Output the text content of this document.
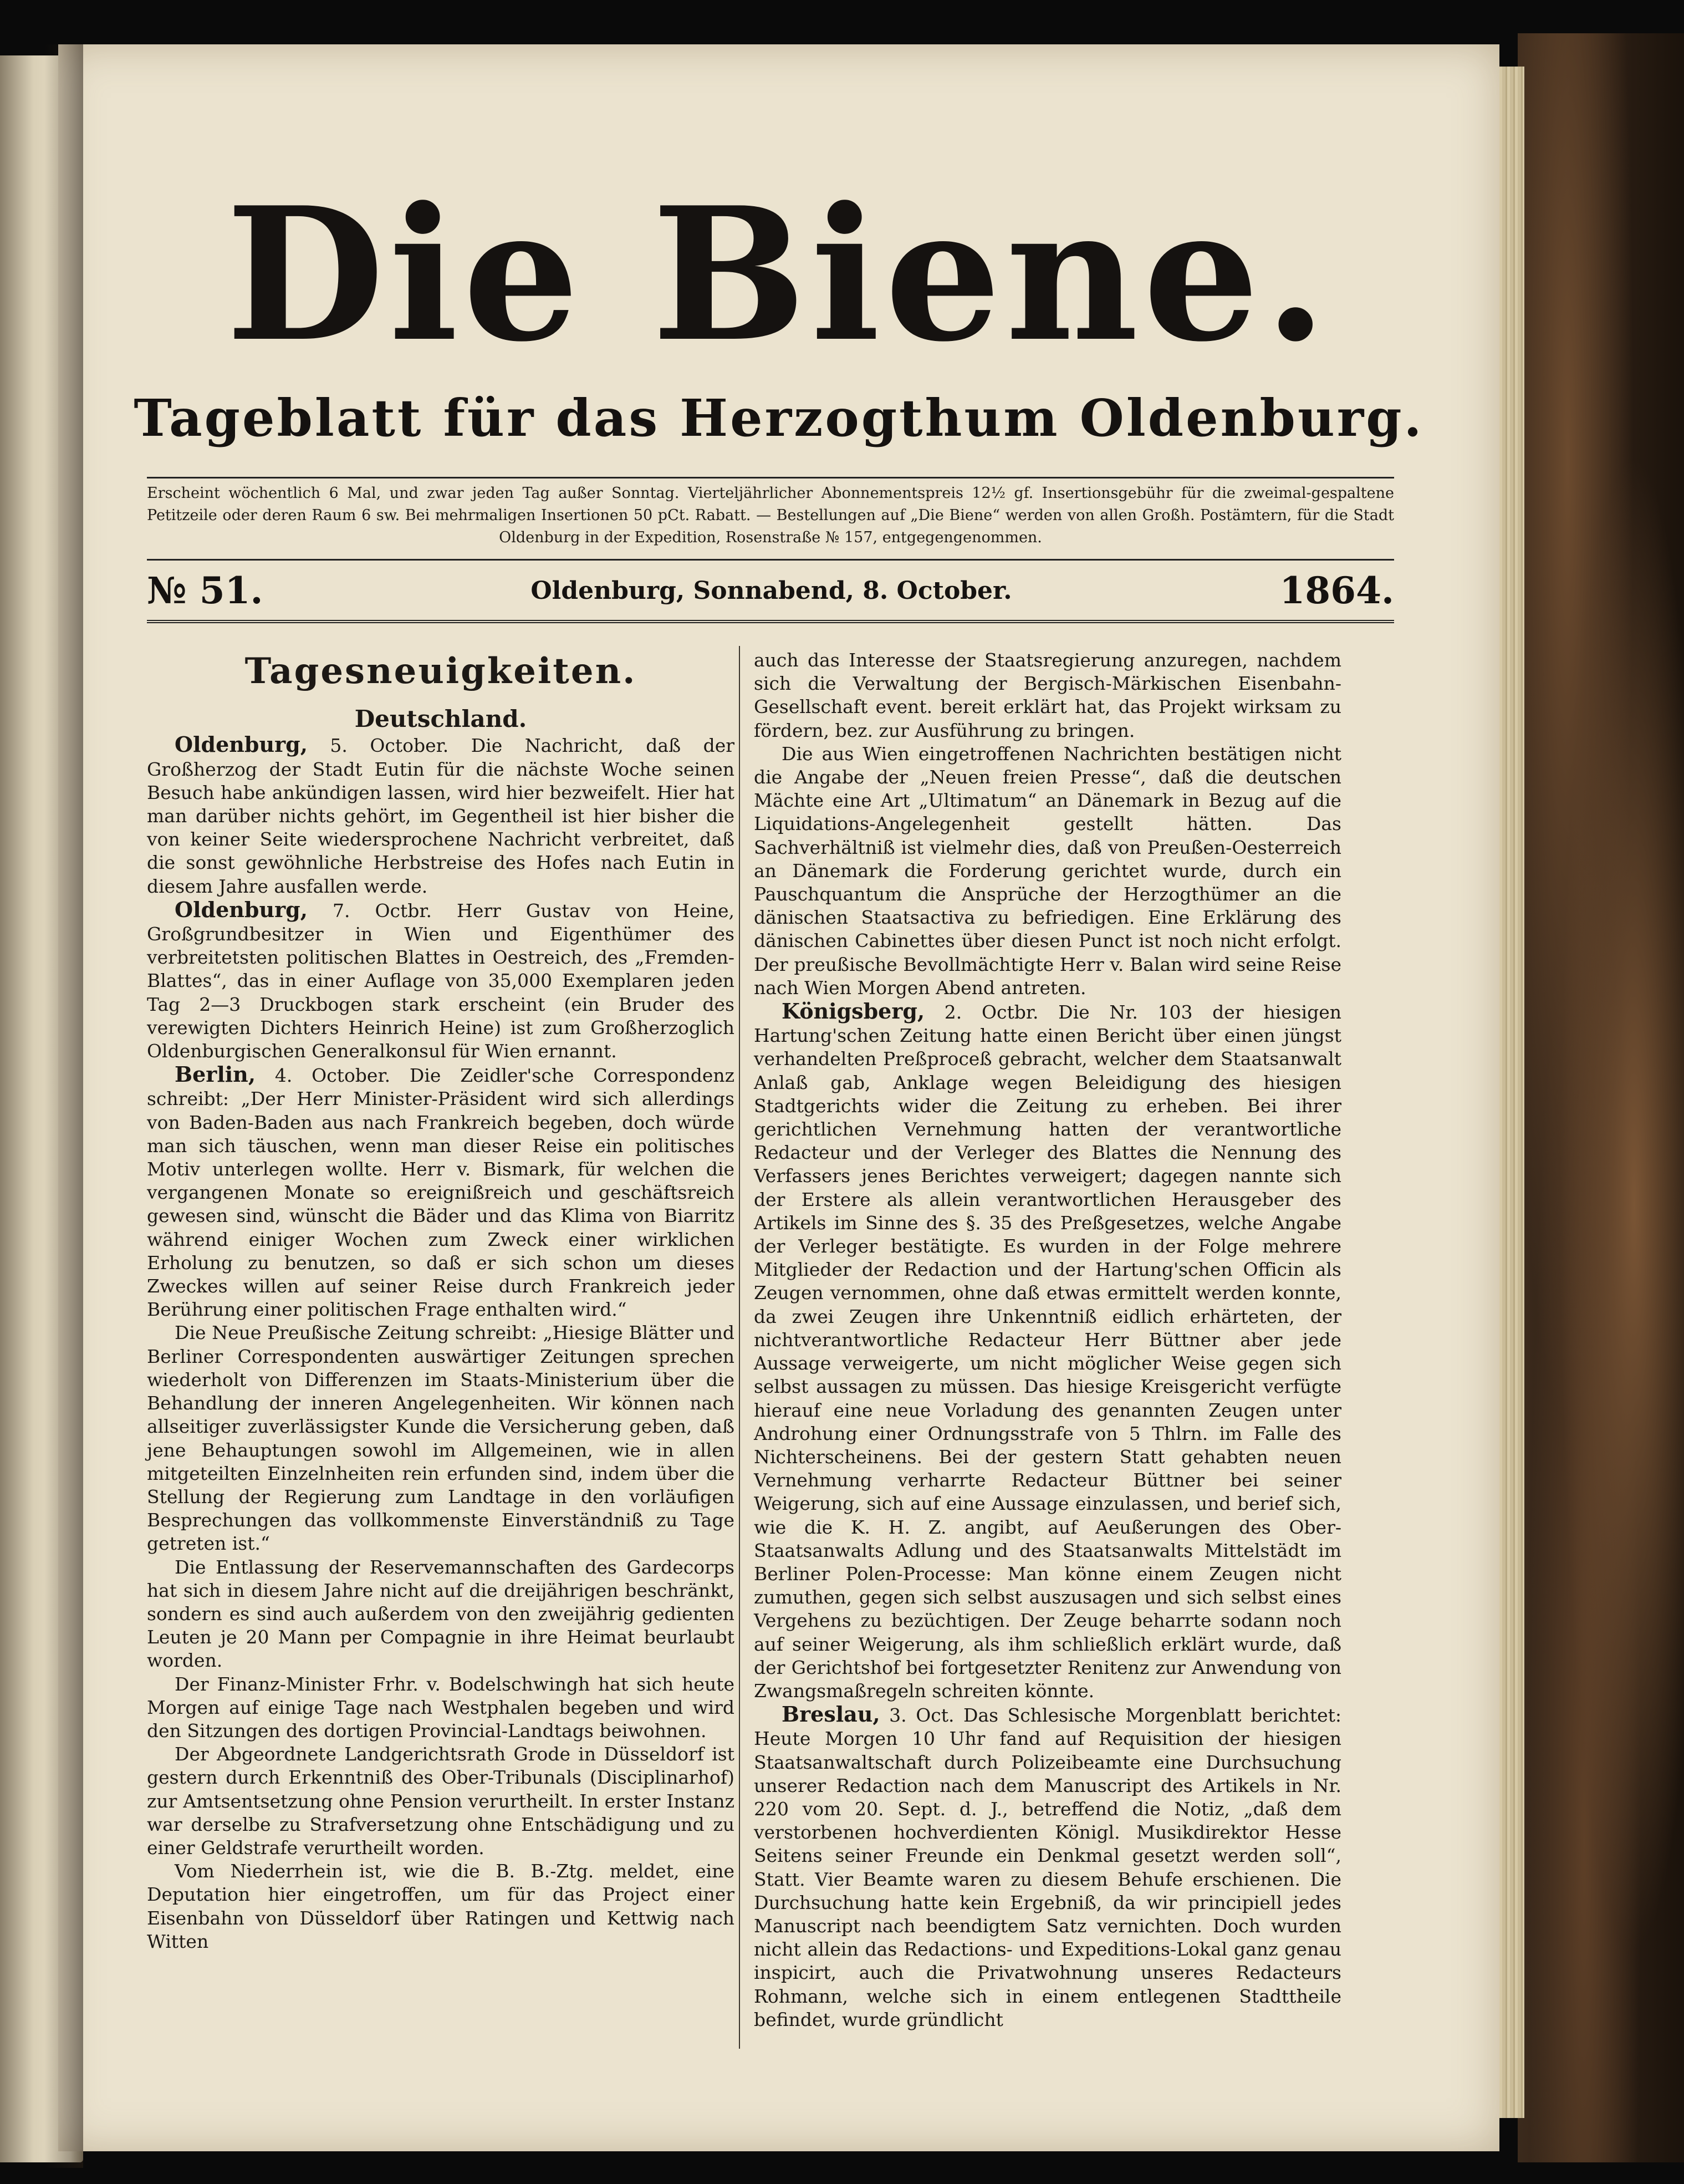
Die Biene.
Tageblatt für das Herzogthum Oldenburg.
Erscheint wöchentlich 6 Mal, und zwar jeden Tag außer Sonntag. Vierteljährlicher Abonnementspreis 12½ gf. Insertionsgebühr für die zweimal-gespaltene Petitzeile oder deren Raum 6 sw. Bei mehrmaligen Insertionen 50 pCt. Rabatt. — Bestellungen auf „Die Biene“ werden von allen Großh. Postämtern, für die Stadt Oldenburg in der Expedition, Rosenstraße № 157, entgegengenommen.
№ 51.	Oldenburg, Sonnabend, 8. October.	1864.
Tagesneuigkeiten.
Deutschland.

Oldenburg, 5. October. Die Nachricht, daß der Großherzog der Stadt Eutin für die nächste Woche seinen Besuch habe ankündigen lassen, wird hier bezweifelt. Hier hat man darüber nichts gehört, im Gegentheil ist hier bisher die von keiner Seite wiedersprochene Nachricht verbreitet, daß die sonst gewöhnliche Herbstreise des Hofes nach Eutin in diesem Jahre ausfallen werde.

Oldenburg, 7. Octbr. Herr Gustav von Heine, Großgrundbesitzer in Wien und Eigenthümer des verbreitetsten politischen Blattes in Oestreich, des „Fremden-Blattes“, das in einer Auflage von 35,000 Exemplaren jeden Tag 2—3 Druckbogen stark erscheint (ein Bruder des verewigten Dichters Heinrich Heine) ist zum Großherzoglich Oldenburgischen Generalkonsul für Wien ernannt.

Berlin, 4. October. Die Zeidler'sche Correspondenz schreibt: „Der Herr Minister-Präsident wird sich allerdings von Baden-Baden aus nach Frankreich begeben, doch würde man sich täuschen, wenn man dieser Reise ein politisches Motiv unterlegen wollte. Herr v. Bismark, für welchen die vergangenen Monate so ereignißreich und geschäftsreich gewesen sind, wünscht die Bäder und das Klima von Biarritz während einiger Wochen zum Zweck einer wirklichen Erholung zu benutzen, so daß er sich schon um dieses Zweckes willen auf seiner Reise durch Frankreich jeder Berührung einer politischen Frage enthalten wird.“

Die Neue Preußische Zeitung schreibt: „Hiesige Blätter und Berliner Correspondenten auswärtiger Zeitungen sprechen wiederholt von Differenzen im Staats-Ministerium über die Behandlung der inneren Angelegenheiten. Wir können nach allseitiger zuverlässigster Kunde die Versicherung geben, daß jene Behauptungen sowohl im Allgemeinen, wie in allen mitgeteilten Einzelnheiten rein erfunden sind, indem über die Stellung der Regierung zum Landtage in den vorläufigen Besprechungen das vollkommenste Einverständniß zu Tage getreten ist.“

Die Entlassung der Reservemannschaften des Gardecorps hat sich in diesem Jahre nicht auf die dreijährigen beschränkt, sondern es sind auch außerdem von den zweijährig gedienten Leuten je 20 Mann per Compagnie in ihre Heimat beurlaubt worden.

Der Finanz-Minister Frhr. v. Bodelschwingh hat sich heute Morgen auf einige Tage nach Westphalen begeben und wird den Sitzungen des dortigen Provincial-Landtags beiwohnen.

Der Abgeordnete Landgerichtsrath Grode in Düsseldorf ist gestern durch Erkenntniß des Ober-Tribunals (Disciplinarhof) zur Amtsentsetzung ohne Pension verurtheilt. In erster Instanz war derselbe zu Strafversetzung ohne Entschädigung und zu einer Geldstrafe verurtheilt worden.

Vom Niederrhein ist, wie die B. B.-Ztg. meldet, eine Deputation hier eingetroffen, um für das Project einer Eisenbahn von Düsseldorf über Ratingen und Kettwig nach Witten

auch das Interesse der Staatsregierung anzuregen, nachdem sich die Verwaltung der Bergisch-Märkischen Eisenbahn-Gesellschaft event. bereit erklärt hat, das Projekt wirksam zu fördern, bez. zur Ausführung zu bringen.

Die aus Wien eingetroffenen Nachrichten bestätigen nicht die Angabe der „Neuen freien Presse“, daß die deutschen Mächte eine Art „Ultimatum“ an Dänemark in Bezug auf die Liquidations-Angelegenheit gestellt hätten. Das Sachverhältniß ist vielmehr dies, daß von Preußen-Oesterreich an Dänemark die Forderung gerichtet wurde, durch ein Pauschquantum die Ansprüche der Herzogthümer an die dänischen Staatsactiva zu befriedigen. Eine Erklärung des dänischen Cabinettes über diesen Punct ist noch nicht erfolgt. Der preußische Bevollmächtigte Herr v. Balan wird seine Reise nach Wien Morgen Abend antreten.

Königsberg, 2. Octbr. Die Nr. 103 der hiesigen Hartung'schen Zeitung hatte einen Bericht über einen jüngst verhandelten Preßproceß gebracht, welcher dem Staatsanwalt Anlaß gab, Anklage wegen Beleidigung des hiesigen Stadtgerichts wider die Zeitung zu erheben. Bei ihrer gerichtlichen Vernehmung hatten der verantwortliche Redacteur und der Verleger des Blattes die Nennung des Verfassers jenes Berichtes verweigert; dagegen nannte sich der Erstere als allein verantwortlichen Herausgeber des Artikels im Sinne des §. 35 des Preßgesetzes, welche Angabe der Verleger bestätigte. Es wurden in der Folge mehrere Mitglieder der Redaction und der Hartung'schen Officin als Zeugen vernommen, ohne daß etwas ermittelt werden konnte, da zwei Zeugen ihre Unkenntniß eidlich erhärteten, der nichtverantwortliche Redacteur Herr Büttner aber jede Aussage verweigerte, um nicht möglicher Weise gegen sich selbst aussagen zu müssen. Das hiesige Kreisgericht verfügte hierauf eine neue Vorladung des genannten Zeugen unter Androhung einer Ordnungsstrafe von 5 Thlrn. im Falle des Nichterscheinens. Bei der gestern Statt gehabten neuen Vernehmung verharrte Redacteur Büttner bei seiner Weigerung, sich auf eine Aussage einzulassen, und berief sich, wie die K. H. Z. angibt, auf Aeußerungen des Ober-Staatsanwalts Adlung und des Staatsanwalts Mittelstädt im Berliner Polen-Processe: Man könne einem Zeugen nicht zumuthen, gegen sich selbst auszusagen und sich selbst eines Vergehens zu bezüchtigen. Der Zeuge beharrte sodann noch auf seiner Weigerung, als ihm schließlich erklärt wurde, daß der Gerichtshof bei fortgesetzter Renitenz zur Anwendung von Zwangsmaßregeln schreiten könnte.

Breslau, 3. Oct. Das Schlesische Morgenblatt berichtet: Heute Morgen 10 Uhr fand auf Requisition der hiesigen Staatsanwaltschaft durch Polizeibeamte eine Durchsuchung unserer Redaction nach dem Manuscript des Artikels in Nr. 220 vom 20. Sept. d. J., betreffend die Notiz, „daß dem verstorbenen hochverdienten Königl. Musikdirektor Hesse Seitens seiner Freunde ein Denkmal gesetzt werden soll“, Statt. Vier Beamte waren zu diesem Behufe erschienen. Die Durchsuchung hatte kein Ergebniß, da wir principiell jedes Manuscript nach beendigtem Satz vernichten. Doch wurden nicht allein das Redactions- und Expeditions-Lokal ganz genau inspicirt, auch die Privatwohnung unseres Redacteurs Rohmann, welche sich in einem entlegenen Stadttheile befindet, wurde gründlicht
